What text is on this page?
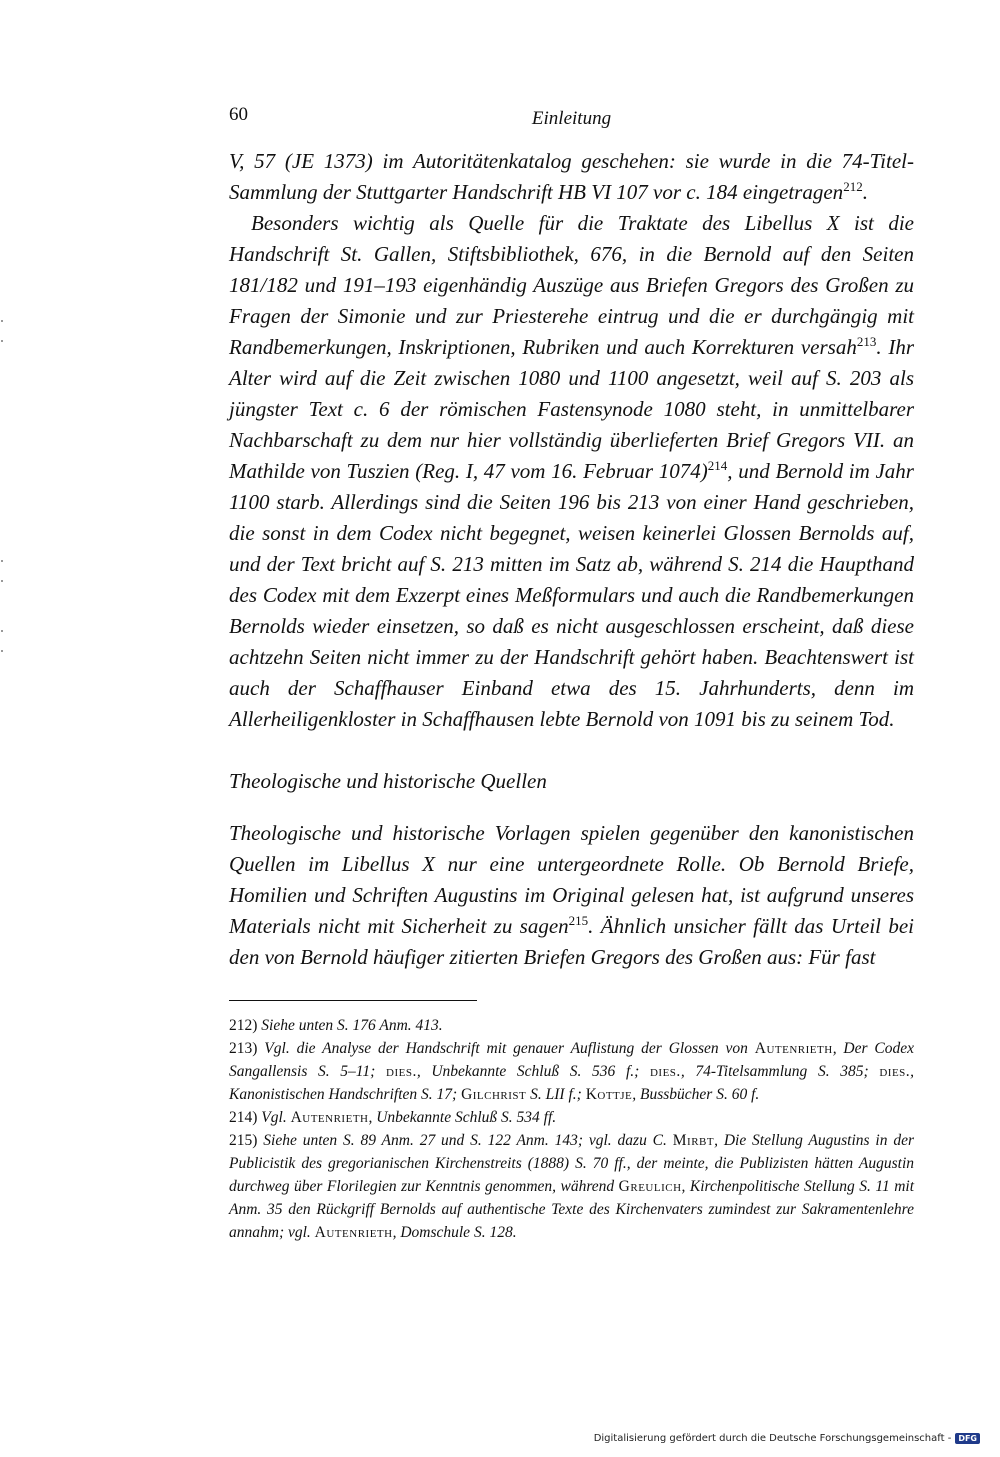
60	Einleitung

V, 57 (JE 1373) im Autoritätenkatalog geschehen: sie wurde in die 74-Titel-Sammlung der Stuttgarter Handschrift HB VI 107 vor c. 184 eingetragen$^{212}$.

Besonders wichtig als Quelle für die Traktate des Libellus X ist die Handschrift St. Gallen, Stiftsbibliothek, 676, in die Bernold auf den Seiten 181/182 und 191–193 eigenhändig Auszüge aus Briefen Gregors des Großen zu Fragen der Simonie und zur Priesterehe eintrug und die er durchgängig mit Randbemerkungen, Inskriptionen, Rubriken und auch Korrekturen versah$^{213}$. Ihr Alter wird auf die Zeit zwischen 1080 und 1100 angesetzt, weil auf S. 203 als jüngster Text c. 6 der römischen Fastensynode 1080 steht, in unmittelbarer Nachbarschaft zu dem nur hier vollständig überlieferten Brief Gregors VII. an Mathilde von Tuszien (Reg. I, 47 vom 16. Februar 1074)$^{214}$, und Bernold im Jahr 1100 starb. Allerdings sind die Seiten 196 bis 213 von einer Hand geschrieben, die sonst in dem Codex nicht begegnet, weisen keinerlei Glossen Bernolds auf, und der Text bricht auf S. 213 mitten im Satz ab, während S. 214 die Haupthand des Codex mit dem Exzerpt eines Meßformulars und auch die Randbemerkungen Bernolds wieder einsetzen, so daß es nicht ausgeschlossen erscheint, daß diese achtzehn Seiten nicht immer zu der Handschrift gehört haben. Beachtenswert ist auch der Schaffhauser Einband etwa des 15. Jahrhunderts, denn im Allerheiligenkloster in Schaffhausen lebte Bernold von 1091 bis zu seinem Tod.

Theologische und historische Quellen

Theologische und historische Vorlagen spielen gegenüber den kanonistischen Quellen im Libellus X nur eine untergeordnete Rolle. Ob Bernold Briefe, Homilien und Schriften Augustins im Original gelesen hat, ist aufgrund unseres Materials nicht mit Sicherheit zu sagen$^{215}$. Ähnlich unsicher fällt das Urteil bei den von Bernold häufiger zitierten Briefen Gregors des Großen aus: Für fast

212) Siehe unten S. 176 Anm. 413.

213) Vgl. die Analyse der Handschrift mit genauer Auflistung der Glossen von Autenrieth, Der Codex Sangallensis S. 5–11; dies., Unbekannte Schluß S. 536 f.; dies., 74-Titelsammlung S. 385; dies., Kanonistischen Handschriften S. 17; Gilchrist S. LII f.; Kottje, Bussbücher S. 60 f.

214) Vgl. Autenrieth, Unbekannte Schluß S. 534 ff.

215) Siehe unten S. 89 Anm. 27 und S. 122 Anm. 143; vgl. dazu C. Mirbt, Die Stellung Augustins in der Publicistik des gregorianischen Kirchenstreits (1888) S. 70 ff., der meinte, die Publizisten hätten Augustin durchweg über Florilegien zur Kenntnis genommen, während Greulich, Kirchenpolitische Stellung S. 11 mit Anm. 35 den Rückgriff Bernolds auf authentische Texte des Kirchenvaters zumindest zur Sakramentenlehre annahm; vgl. Autenrieth, Domschule S. 128.

Digitalisierung gefördert durch die Deutsche Forschungsgemeinschaft - DFG
